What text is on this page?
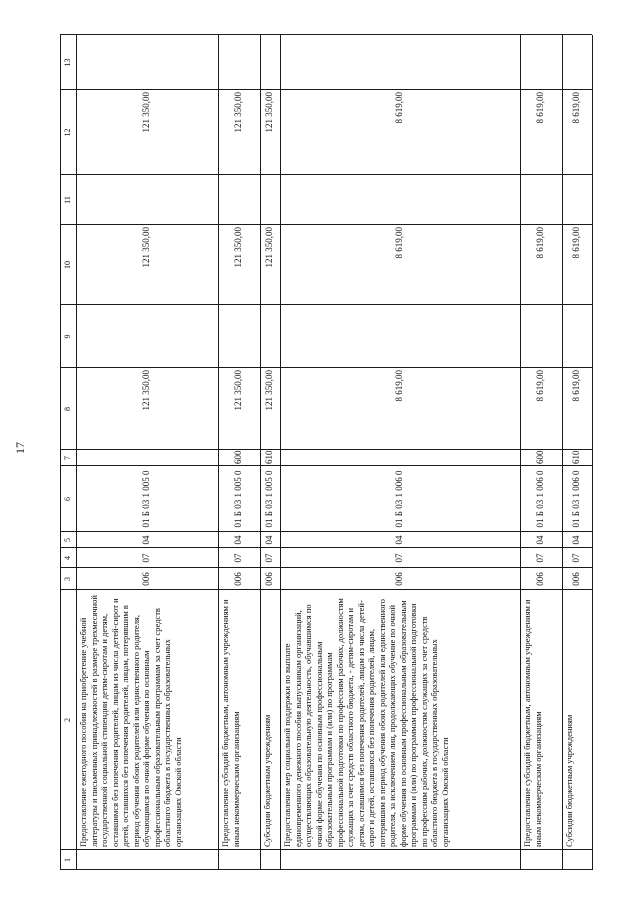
17
1
2
3
4
5
6
7
8
9
10
11
12
13
Предоставление ежегодного пособия на приобретение учебной литературы и письменных принадлежностей в размере трехмесячной государственной социальной стипендии детям-сиротам и детям, оставшимся без попечения родителей, лицам из числа детей-сирот и детей, оставшихся без попечения родителей, лицам, потерявшим в период обучения обоих родителей или единственного родителя, обучающимся по очной форме обучения по основным профессиональным образовательным программам за счет средств областного бюджета в государственных образовательных организациях Омской области
006
07
04
01 Б 03 1 005 0
121 350,00
121 350,00
121 350,00
Предоставление субсидий бюджетным, автономным учреждениям и иным некоммерческим организациям
006
07
04
01 Б 03 1 005 0
600
121 350,00
121 350,00
121 350,00
Субсидии бюджетным учреждениям
006
07
04
01 Б 03 1 005 0
610
121 350,00
121 350,00
121 350,00
Предоставление мер социальной поддержки по выплате единовременного денежного пособия выпускникам организаций, осуществляющих образовательную деятельность, обучавшимся по очной форме обучения по основным профессиональным образовательным программам и (или) по программам профессиональной подготовки по профессиям рабочих, должностям служащих за счет средств областного бюджета, - детям-сиротам и детям, оставшимся без попечения родителей, лицам из числа детей-сирот и детей, оставшихся без попечения родителей, лицам, потерявшим в период обучения обоих родителей или единственного родителя, за исключением лиц, продолжающих обучение по очной форме обучения по основным профессиональным образовательным программам и (или) по программам профессиональной подготовки по профессиям рабочих, должностям служащих за счет средств областного бюджета в государственных образовательных организациях Омской области
006
07
04
01 Б 03 1 006 0
8 619,00
8 619,00
8 619,00
Предоставление субсидий бюджетным, автономным учреждениям и иным некоммерческим организациям
006
07
04
01 Б 03 1 006 0
600
8 619,00
8 619,00
8 619,00
Субсидии бюджетным учреждениям
006
07
04
01 Б 03 1 006 0
610
8 619,00
8 619,00
8 619,00
